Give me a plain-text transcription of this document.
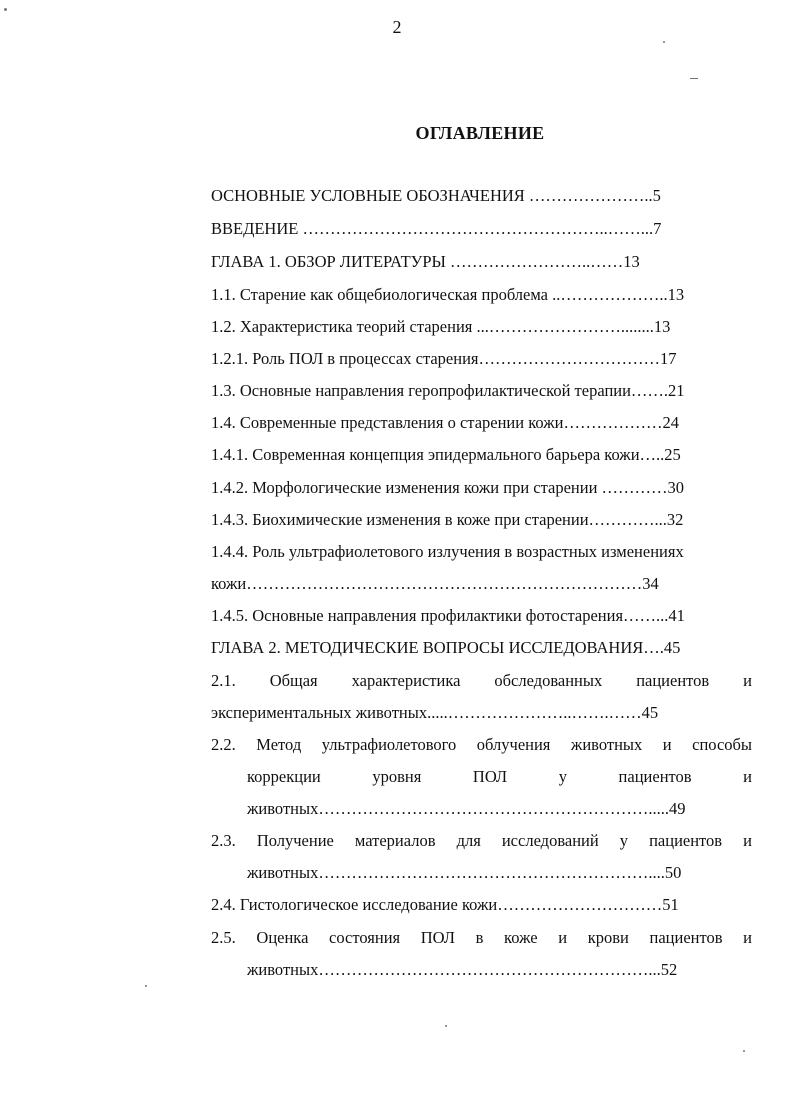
2
ОГЛАВЛЕНИЕ
ОСНОВНЫЕ УСЛОВНЫЕ ОБОЗНАЧЕНИЯ …………………..5
ВВЕДЕНИЕ ………………………………………………..……...7
ГЛАВА 1. ОБЗОР ЛИТЕРАТУРЫ ……………………..……13
1.1. Старение как общебиологическая проблема ..………………..13
1.2. Характеристика теорий старения ...……………………........13
1.2.1. Роль ПОЛ в процессах старения……………………………17
1.3. Основные направления геропрофилактической терапии…….21
1.4. Современные представления о старении кожи………………24
1.4.1. Современная концепция эпидермального барьера кожи…..25
1.4.2. Морфологические изменения кожи при старении …………30
1.4.3. Биохимические изменения в коже при старении…………...32
1.4.4. Роль ультрафиолетового излучения в возрастных изменениях
кожи………………………………………………………………34
1.4.5. Основные направления профилактики фотостарения……...41
ГЛАВА 2. МЕТОДИЧЕСКИЕ ВОПРОСЫ ИССЛЕДОВАНИЯ….45
2.1. Общая характеристика обследованных пациентов и
экспериментальных животных.....…………………..…….……45
2.2. Метод ультрафиолетового облучения животных и способы
коррекции уровня ПОЛ у пациентов и
животных…………………………………………………….....49
2.3. Получение материалов для исследований у пациентов и
животных……………………………………………………....50
2.4. Гистологическое исследование кожи…………………………51
2.5. Оценка состояния ПОЛ в коже и крови пациентов и
животных……………………………………………………...52
